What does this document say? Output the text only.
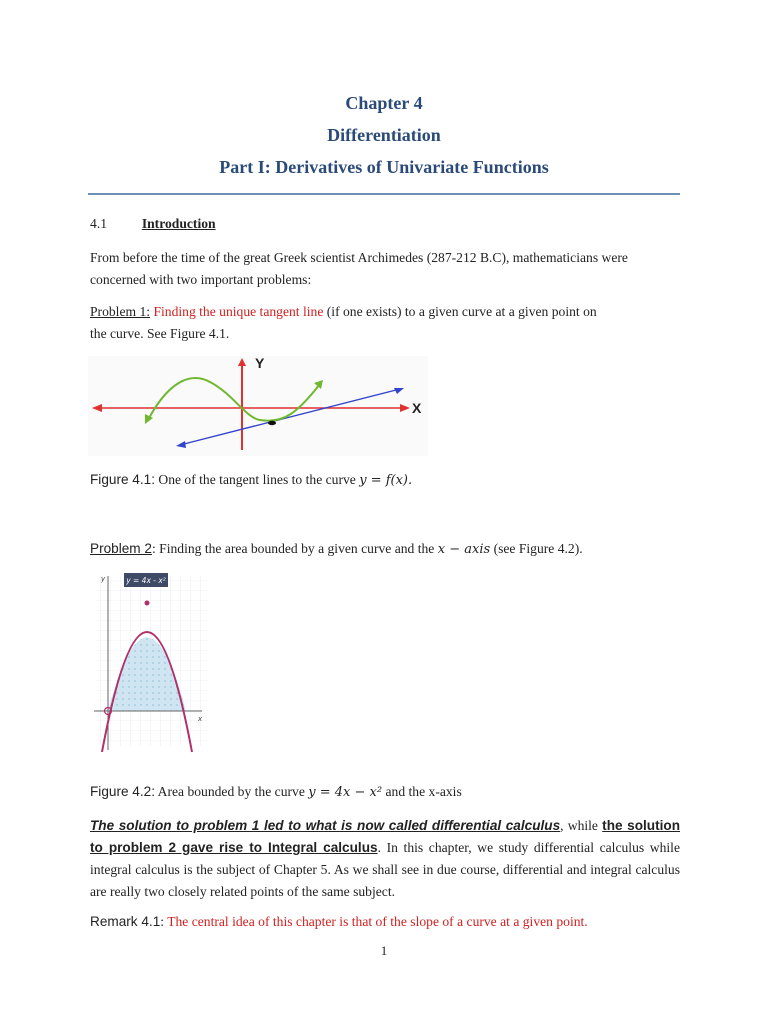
Chapter 4
Differentiation
Part I: Derivatives of Univariate Functions
4.1	Introduction
From before the time of the great Greek scientist Archimedes (287-212 B.C), mathematicians were concerned with two important problems:
Problem 1: Finding the unique tangent line (if one exists) to a given curve at a given point on
the curve. See Figure 4.1.
Y
X
Figure 4.1: One of the tangent lines to the curve y = f(x).
Problem 2: Finding the area bounded by a given curve and the x − axis (see Figure 4.2).
y = 4x - x²
y
x
Figure 4.2: Area bounded by the curve y = 4x − x² and the x-axis
The solution to problem 1 led to what is now called differential calculus, while the solution to problem 2 gave rise to Integral calculus. In this chapter, we study differential calculus while integral calculus is the subject of Chapter 5. As we shall see in due course, differential and integral calculus are really two closely related points of the same subject.
Remark 4.1: The central idea of this chapter is that of the slope of a curve at a given point.
1
